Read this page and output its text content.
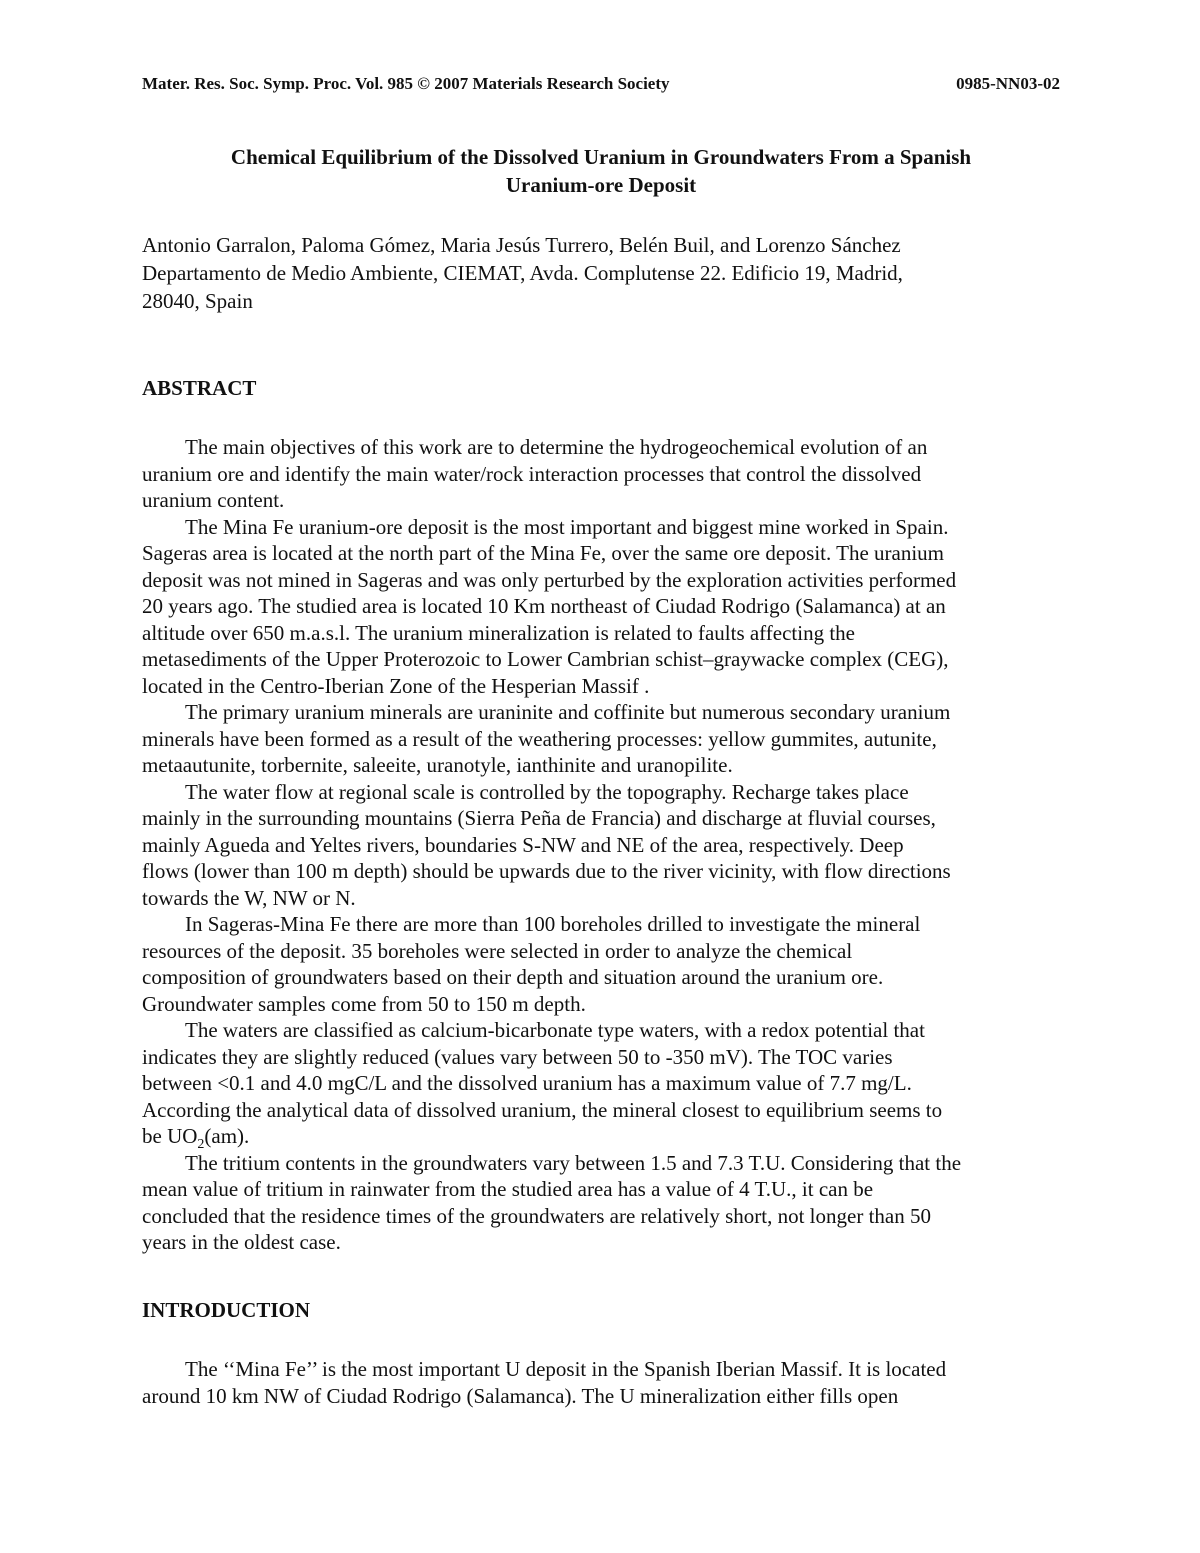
Mater. Res. Soc. Symp. Proc. Vol. 985 © 2007 Materials Research Society	0985-NN03-02
Chemical Equilibrium of the Dissolved Uranium in Groundwaters From a Spanish
Uranium-ore Deposit
Antonio Garralon, Paloma Gómez, Maria Jesús Turrero, Belén Buil, and Lorenzo Sánchez
Departamento de Medio Ambiente, CIEMAT, Avda. Complutense 22. Edificio 19, Madrid,
28040, Spain
ABSTRACT
The main objectives of this work are to determine the hydrogeochemical evolution of an
uranium ore and identify the main water/rock interaction processes that control the dissolved
uranium content.
The Mina Fe uranium-ore deposit is the most important and biggest mine worked in Spain.
Sageras area is located at the north part of the Mina Fe, over the same ore deposit. The uranium
deposit was not mined in Sageras and was only perturbed by the exploration activities performed
20 years ago. The studied area is located 10 Km northeast of Ciudad Rodrigo (Salamanca) at an
altitude over 650 m.a.s.l. The uranium mineralization is related to faults affecting the
metasediments of the Upper Proterozoic to Lower Cambrian schist–graywacke complex (CEG),
located in the Centro-Iberian Zone of the Hesperian Massif .
The primary uranium minerals are uraninite and coffinite but numerous secondary uranium
minerals have been formed as a result of the weathering processes: yellow gummites, autunite,
metaautunite, torbernite, saleeite, uranotyle, ianthinite and uranopilite.
The water flow at regional scale is controlled by the topography. Recharge takes place
mainly in the surrounding mountains (Sierra Peña de Francia) and discharge at fluvial courses,
mainly Agueda and Yeltes rivers, boundaries S-NW and NE of the area, respectively. Deep
flows (lower than 100 m depth) should be upwards due to the river vicinity, with flow directions
towards the W, NW or N.
In Sageras-Mina Fe there are more than 100 boreholes drilled to investigate the mineral
resources of the deposit. 35 boreholes were selected in order to analyze the chemical
composition of groundwaters based on their depth and situation around the uranium ore.
Groundwater samples come from 50 to 150 m depth.
The waters are classified as calcium-bicarbonate type waters, with a redox potential that
indicates they are slightly reduced (values vary between 50 to -350 mV). The TOC varies
between <0.1 and 4.0 mgC/L and the dissolved uranium has a maximum value of 7.7 mg/L.
According the analytical data of dissolved uranium, the mineral closest to equilibrium seems to
be $UO_2(am)$.
The tritium contents in the groundwaters vary between 1.5 and 7.3 T.U. Considering that the
mean value of tritium in rainwater from the studied area has a value of 4 T.U., it can be
concluded that the residence times of the groundwaters are relatively short, not longer than 50
years in the oldest case.
INTRODUCTION
The ‘‘Mina Fe’’ is the most important U deposit in the Spanish Iberian Massif. It is located
around 10 km NW of Ciudad Rodrigo (Salamanca). The U mineralization either fills open
